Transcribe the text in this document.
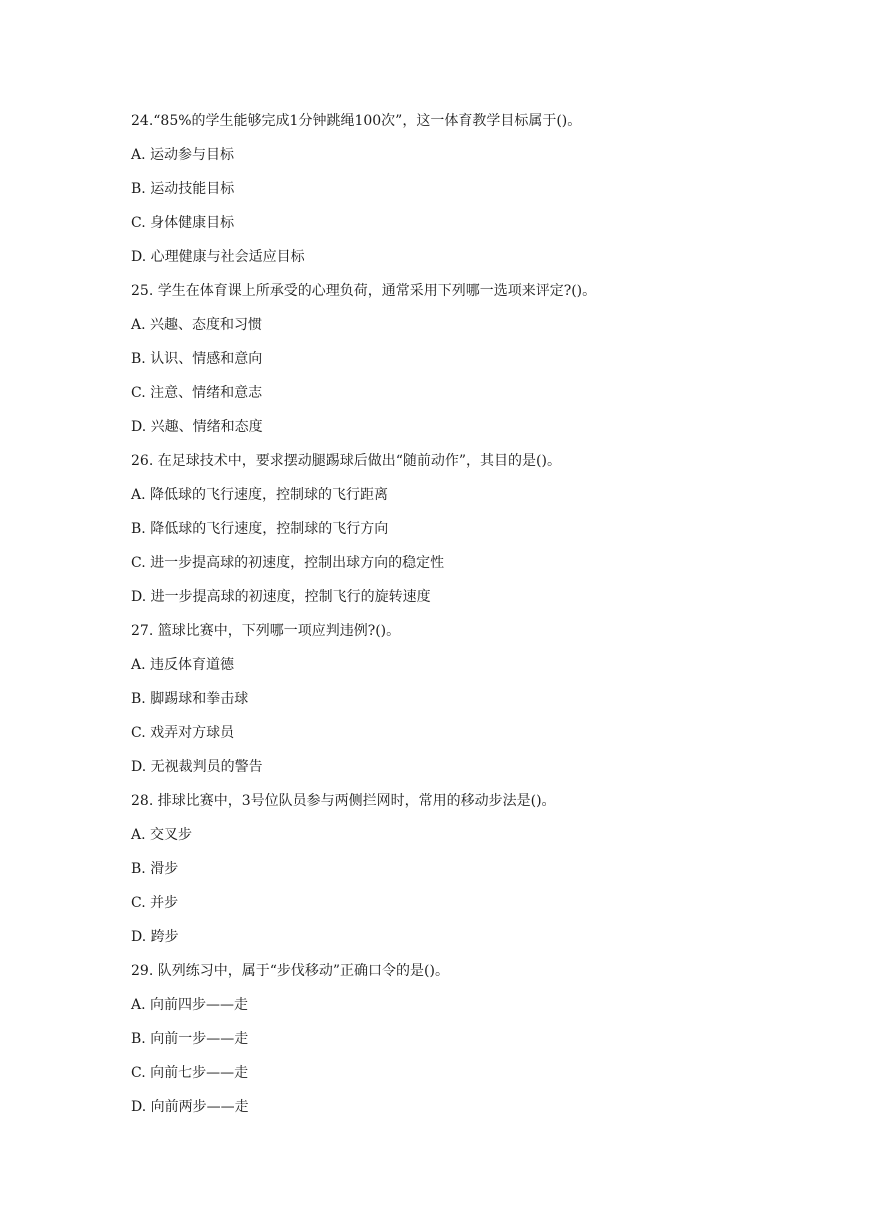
24.“85%的学生能够完成1分钟跳绳100次”，这一体育教学目标属于()。
A. 运动参与目标
B. 运动技能目标
C. 身体健康目标
D. 心理健康与社会适应目标
25. 学生在体育课上所承受的心理负荷，通常采用下列哪一选项来评定?()。
A. 兴趣、态度和习惯
B. 认识、情感和意向
C. 注意、情绪和意志
D. 兴趣、情绪和态度
26. 在足球技术中，要求摆动腿踢球后做出“随前动作”，其目的是()。
A. 降低球的飞行速度，控制球的飞行距离
B. 降低球的飞行速度，控制球的飞行方向
C. 进一步提高球的初速度，控制出球方向的稳定性
D. 进一步提高球的初速度，控制飞行的旋转速度
27. 篮球比赛中，下列哪一项应判违例?()。
A. 违反体育道德
B. 脚踢球和拳击球
C. 戏弄对方球员
D. 无视裁判员的警告
28. 排球比赛中，3号位队员参与两侧拦网时，常用的移动步法是()。
A. 交叉步
B. 滑步
C. 并步
D. 跨步
29. 队列练习中，属于“步伐移动”正确口令的是()。
A. 向前四步——走
B. 向前一步——走
C. 向前七步——走
D. 向前两步——走
